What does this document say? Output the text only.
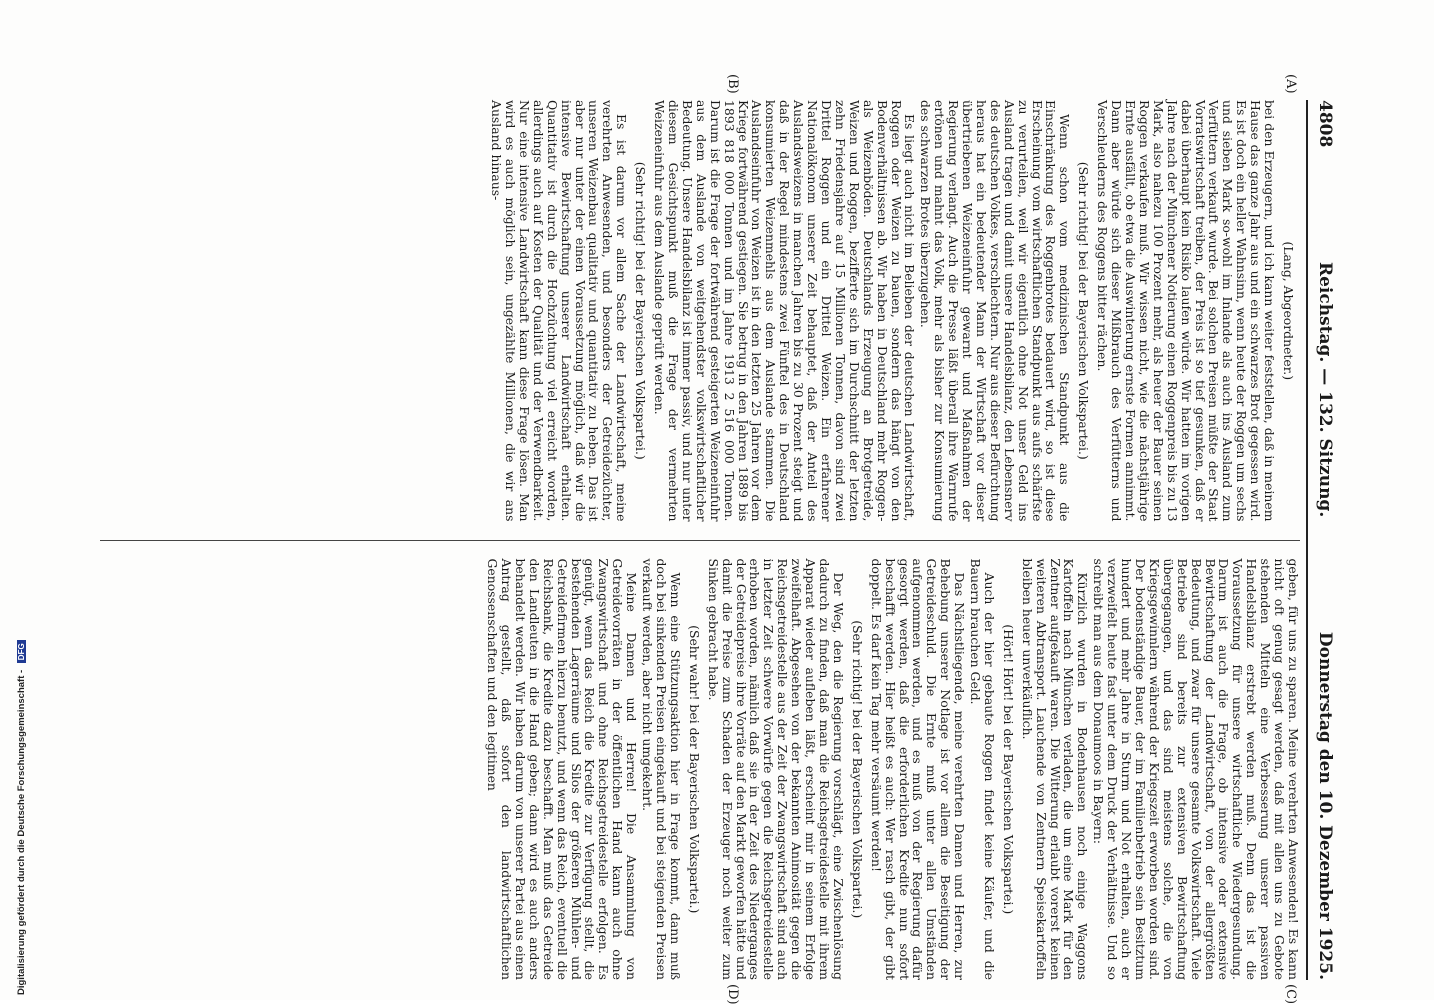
4808
Reichstag. — 132. Sitzung.
Donnerstag den 10. Dezember 1925.
(A)
(B)
(C)
(D)

(Lang, Abgeordneter.)

bei den Erzeugern, und ich kann weiter feststellen, daß in meinem Hause das ganze Jahr aus und ein schwarzes Brot gegessen wird. Es ist doch ein heller Wahnsinn, wenn heute der Roggen um sechs und sieben Mark so-wohl im Inlande als auch ins Ausland zum Verfüttern verkauft wurde. Bei solchen Preisen müßte der Staat Vorratswirtschaft treiben, der Preis ist so tief gesunken, daß er dabei überhaupt kein Risiko laufen würde. Wir hatten im vorigen Jahre nach der Münchener Notierung einen Roggenpreis bis zu 13 Mark, also nahezu 100 Prozent mehr, als heuer der Bauer seinen Roggen verkaufen muß. Wir wissen nicht, wie die nächstjährige Ernte ausfällt, ob etwa die Auswinterung ernste Formen annimmt. Dann aber würde sich dieser Mißbrauch des Verfütterns und Verschleuderns des Roggens bitter rächen.

(Sehr richtig! bei der Bayerischen Volkspartei.)

Wenn schon vom medizinischen Standpunkt aus die Einschränkung des Roggenbrotes bedauert wird, so ist diese Erscheinung vom wirtschaftlichen Standpunkt aus aufs schärfste zu verurteilen, weil wir eigentlich ohne Not unser Geld ins Ausland tragen und damit unsere Handelsbilanz, den Lebensnerv des deutschen Volkes, verschlechtern. Nur aus dieser Befürchtung heraus hat ein bedeutender Mann der Wirtschaft vor dieser übertriebenen Weizeneinfuhr gewarnt und Maßnahmen der Regierung verlangt. Auch die Presse läßt überall ihre Warnrufe ertönen und mahnt das Volk, mehr als bisher zur Konsumierung des schwarzen Brotes überzugehen.

Es liegt auch nicht im Belieben der deutschen Landwirtschaft, Roggen oder Weizen zu bauen, sondern das hängt von den Bodenverhältnissen ab. Wir haben in Deutschland mehr Roggen- als Weizenböden. Deutschlands Erzeugung an Brotgetreide, Weizen und Roggen, bezifferte sich im Durchschnitt der letzten zehn Friedensjahre auf 15 Millionen Tonnen, davon sind zwei Drittel Roggen und ein Drittel Weizen. Ein erfahrener Nationalökonom unserer Zeit behauptet, daß der Anteil des Auslandsweizens in manchen Jahren bis zu 30 Prozent steigt und daß in der Regel mindestens zwei Fünftel des in Deutschland konsumierten Weizenmehls aus dem Auslande stammen. Die Auslandseinfuhr von Weizen ist in den letzten 25 Jahren vor dem Kriege fortwährend gestiegen. Sie betrug in den Jahren 1889 bis 1893 818 000 Tonnen und im Jahre 1913 2 516 000 Tonnen. Darum ist die Frage der fortwährend gesteigerten Weizeneinfuhr aus dem Auslande von weitgehendster volkswirtschaftlicher Bedeutung. Unsere Handelsbilanz ist immer passiv, und nur unter diesem Gesichtspunkt muß die Frage der vermehrten Weizeneinfuhr aus dem Auslande geprüft werden.

(Sehr richtig! bei der Bayerischen Volkspartei.)

Es ist darum vor allem Sache der Landwirtschaft, meine verehrten Anwesenden, und besonders der Getreidezüchter, unseren Weizenbau qualitativ und quantitativ zu heben. Das ist aber nur unter der einen Voraussetzung möglich, daß wir die intensive Bewirtschaftung unserer Landwirtschaft erhalten. Quantitativ ist durch die Hochzüchtung viel erreicht worden, allerdings auch auf Kosten der Qualität und der Verwendbarkeit. Nur eine intensive Landwirtschaft kann diese Frage lösen. Man wird es auch möglich sein, ungezählte Millionen, die wir ans Ausland hinaus-

geben, für uns zu sparen. Meine verehrten Anwesenden! Es kann nicht oft genug gesagt werden, daß mit allen uns zu Gebote stehenden Mitteln eine Verbesserung unserer passiven Handelsbilanz erstrebt werden muß. Denn das ist die Voraussetzung für unsere wirtschaftliche Wiedergesundung. Darum ist auch die Frage, ob intensive oder extensive Bewirtschaftung der Landwirtschaft, von der allergrößten Bedeutung, und zwar für unsere gesamte Volkswirtschaft. Viele Betriebe sind bereits zur extensiven Bewirtschaftung übergegangen, und das sind meistens solche, die von Kriegsgewinnlern während der Kriegszeit erworben worden sind. Der bodenständige Bauer, der im Familienbetrieb sein Besitztum hundert und mehr Jahre in Sturm und Not erhalten, auch er verzweifelt heute fast unter dem Druck der Verhältnisse. Und so schreibt man aus dem Donaumoos in Bayern:

Kürzlich wurden in Bodenhausen noch einige Waggons Kartoffeln nach München verladen, die um eine Mark für den Zentner aufgekauft waren. Die Witterung erlaubt vorerst keinen weiteren Abtransport. Lauchende von Zentnern Speisekartoffeln bleiben heuer unverkäuflich.

(Hört! Hört! bei der Bayerischen Volkspartei.)

Auch der hier gebaute Roggen findet keine Käufer, und die Bauern brauchen Geld.

Das Nächstliegende, meine verehrten Damen und Herren, zur Behebung unserer Notlage ist vor allem die Beseitigung der Getreideschuld. Die Ernte muß unter allen Umständen aufgenommen werden, und es muß von der Regierung dafür gesorgt werden, daß die erforderlichen Kredite nun sofort beschafft werden. Hier heißt es auch: Wer rasch gibt, der gibt doppelt. Es darf kein Tag mehr versäumt werden!

(Sehr richtig! bei der Bayerischen Volkspartei.)

Der Weg, den die Regierung vorschlägt, eine Zwischenlösung dadurch zu finden, daß man die Reichsgetreidestelle mit ihrem Apparat wieder aufleben läßt, erscheint mir in seinem Erfolge zweifelhaft. Abgesehen von der bekannten Animosität gegen die Reichsgetreidestelle aus der Zeit der Zwangswirtschaft sind auch in letzter Zeit schwere Vorwürfe gegen die Reichsgetreidestelle erhoben worden, nämlich daß sie in der Zeit des Niederganges der Getreidepreise ihre Vorräte auf den Markt geworfen hätte und damit die Preise zum Schaden der Erzeuger noch weiter zum Sinken gebracht habe.

(Sehr wahr! bei der Bayerischen Volkspartei.)

Wenn eine Stützungsaktion hier in Frage kommt, dann muß doch bei sinkenden Preisen eingekauft und bei steigenden Preisen verkauft werden, aber nicht umgekehrt.

Meine Damen und Herren! Die Ansammlung von Getreidevorräten in der öffentlichen Hand kann auch ohne Zwangswirtschaft und ohne Reichsgetreidestelle erfolgen. Es genügt, wenn das Reich die Kredite zur Verfügung stellt, die bestehenden Lagerräume und Silos der größeren Mühlen- und Getreidefirmen hierzu benutzt, und wenn das Reich, eventuell die Reichsbank, die Kredite dazu beschafft. Man muß das Getreide den Landleuten in die Hand geben; dann wird es auch anders behandelt werden. Wir haben darum von unserer Partei aus einen Antrag gestellt, daß sofort den landwirtschaftlichen Genossenschaften und den legitimen

Digitalisierung gefördert durch die Deutsche Forschungsgemeinschaft - DFG
